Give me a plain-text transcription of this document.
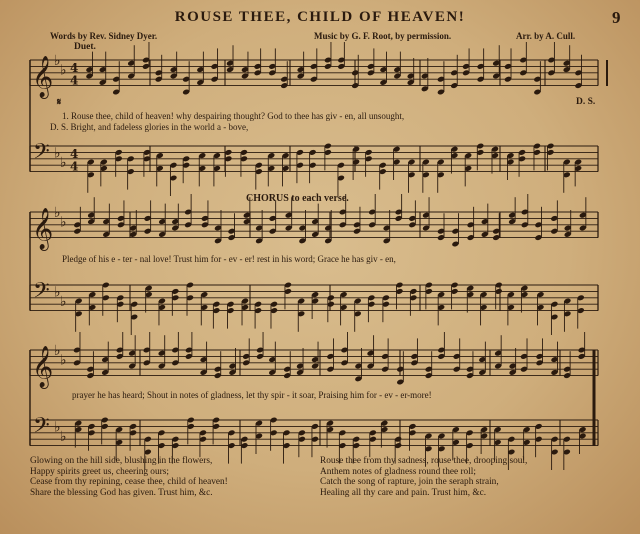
ROUSE THEE, CHILD OF HEAVEN!	9
Words by Rev. Sidney Dyer.	Music by G. F. Root, by permission.	Arr. by A. Cull.
Duet.
𝄋	D. S.
1. Rouse thee, child of heaven! why despairing thought? God to thee has giv - en, all unsought,
D. S. Bright, and fadeless glories in the world a - bove,
CHORUS to each verse.
Pledge of his e - ter - nal love! Trust him for - ev - er! rest in his word; Grace he has giv - en,
prayer he has heard; Shout in notes of gladness, let thy spir - it soar, Praising him for - ev - er-more!
Glowing on the hill side, blushing in the flowers,
Happy spirits greet us, cheering ours;
Cease from thy repining, cease thee, child of heaven!
Share the blessing God has given. Trust him, &c.
Rouse thee from thy sadness, rouse thee, drooping soul,
Anthem notes of gladness round thee roll;
Catch the song of rapture, join the seraph strain,
Healing all thy care and pain. Trust him, &c.
𝄞
𝄢
♭
♭
♭
♭
4
4
4
4
𝄞
𝄢
♭
♭
♭
♭
𝄞
𝄢
♭
♭
♭
♭
